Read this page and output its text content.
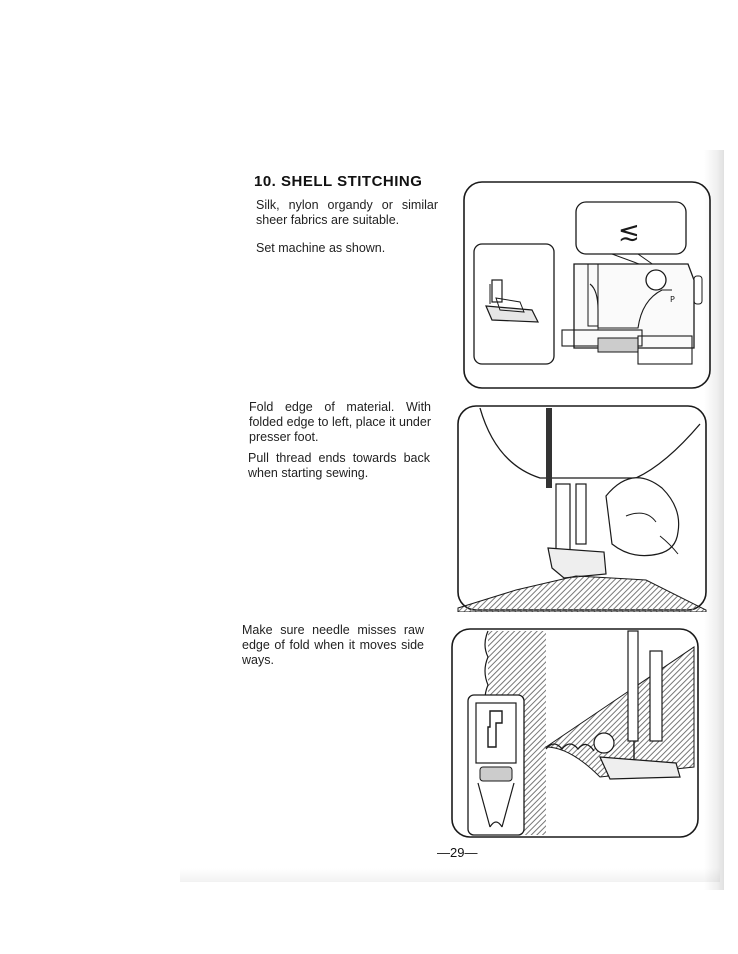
10. SHELL STITCHING

Silk, nylon organdy or similar sheer fabrics are suitable.

Set machine as shown.

Fold edge of material. With folded edge to left, place it under presser foot.

Pull thread ends towards back when starting sewing.

Make sure needle misses raw edge of fold when it moves side ways.

≲
P
—29—
